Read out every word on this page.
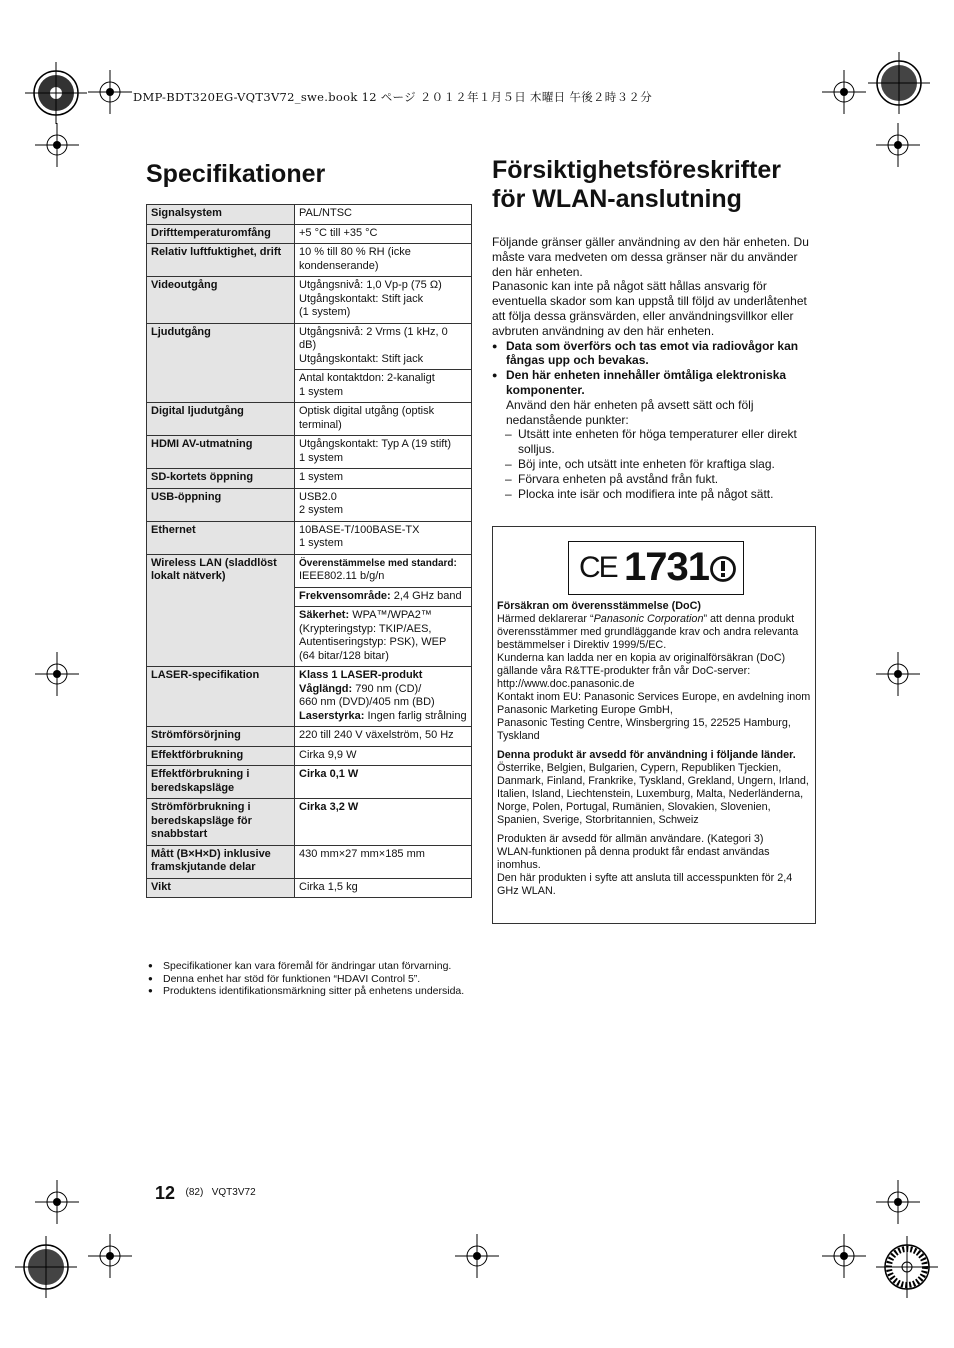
DMP-BDT320EG-VQT3V72_swe.book 12 ページ ２０１２年１月５日 木曜日 午後２時３２分
Specifikationer
Signalsystem	PAL/NTSC
Drifttemperaturomfång	+5 °C till +35 °C
Relativ luftfuktighet, drift	10 % till 80 % RH (icke kondenserande)
Videoutgång	Utgångsnivå: 1,0 Vp-p (75 Ω)
Utgångskontakt: Stift jack
(1 system)

Ljudutgång	Utgångsnivå: 2 Vrms (1 kHz, 0 dB)
Utgångskontakt: Stift jack

	Antal kontaktdon: 2-kanaligt
1 system

Digital ljudutgång	Optisk digital utgång (optisk terminal)
HDMI AV-utmatning	Utgångskontakt: Typ A (19 stift)
1 system

SD-kortets öppning	1 system
USB-öppning	USB2.0
2 system

Ethernet	10BASE-T/100BASE-TX
1 system

Wireless LAN (sladdlöst lokalt nätverk)	Överenstämmelse med standard: IEEE802.11 b/g/n
	Frekvensområde: 2,4 GHz band
	Säkerhet: WPA™/WPA2™
(Krypteringstyp: TKIP/AES,
Autentiseringstyp: PSK), WEP
(64 bitar/128 bitar)

LASER-specifikation	Klass 1 LASER-produkt
Våglängd: 790 nm (CD)/
660 nm (DVD)/405 nm (BD)
Laserstyrka: Ingen farlig strålning

Strömförsörjning	220 till 240 V växelström, 50 Hz
Effektförbrukning	Cirka 9,9 W
Effektförbrukning i beredskapsläge	Cirka 0,1 W
Strömförbrukning i beredskapsläge för snabbstart	Cirka 3,2 W
Mått (B×H×D) inklusive framskjutande delar	430 mm×27 mm×185 mm
Vikt	Cirka 1,5 kg
● Specifikationer kan vara föremål för ändringar utan förvarning.
● Denna enhet har stöd för funktionen “HDAVI Control 5”.
● Produktens identifikationsmärkning sitter på enhetens undersida.
Försiktighetsföreskrifter
för WLAN-anslutning

Följande gränser gäller användning av den här enheten. Du måste vara medveten om dessa gränser när du använder den här enheten.

Panasonic kan inte på något sätt hållas ansvarig för eventuella skador som kan uppstå till följd av underlåtenhet att följa dessa gränsvärden, eller användningsvillkor eller avbruten användning av den här enheten.

● Data som överförs och tas emot via radiovågor kan fångas upp och bevakas.
● Den här enheten innehåller ömtåliga elektroniska komponenter.
Använd den här enheten på avsett sätt och följ nedanstående punkter:
– Utsätt inte enheten för höga temperaturer eller direkt solljus.
– Böj inte, och utsätt inte enheten för kraftiga slag.
– Förvara enheten på avstånd från fukt.
– Plocka inte isär och modifiera inte på något sätt.
CE 1731
Försäkran om överensstämmelse (DoC)
Härmed deklarerar “Panasonic Corporation” att denna produkt överensstämmer med grundläggande krav och andra relevanta bestämmelser i Direktiv 1999/5/EC.
Kunderna kan ladda ner en kopia av originalförsäkran (DoC) gällande våra R&TTE-produkter från vår DoC-server:
http://www.doc.panasonic.de
Kontakt inom EU: Panasonic Services Europe, en avdelning inom Panasonic Marketing Europe GmbH,
Panasonic Testing Centre, Winsbergring 15, 22525 Hamburg, Tyskland
Denna produkt är avsedd för användning i följande länder.
Österrike, Belgien, Bulgarien, Cypern, Republiken Tjeckien, Danmark, Finland, Frankrike, Tyskland, Grekland, Ungern, Irland, Italien, Island, Liechtenstein, Luxemburg, Malta, Nederländerna, Norge, Polen, Portugal, Rumänien, Slovakien, Slovenien, Spanien, Sverige, Storbritannien, Schweiz
Produkten är avsedd för allmän användare. (Kategori 3)
WLAN-funktionen på denna produkt får endast användas inomhus.
Den här produkten i syfte att ansluta till accesspunkten för 2,4 GHz WLAN.
12 $^{(82)}$ $^{VQT3V72}$
